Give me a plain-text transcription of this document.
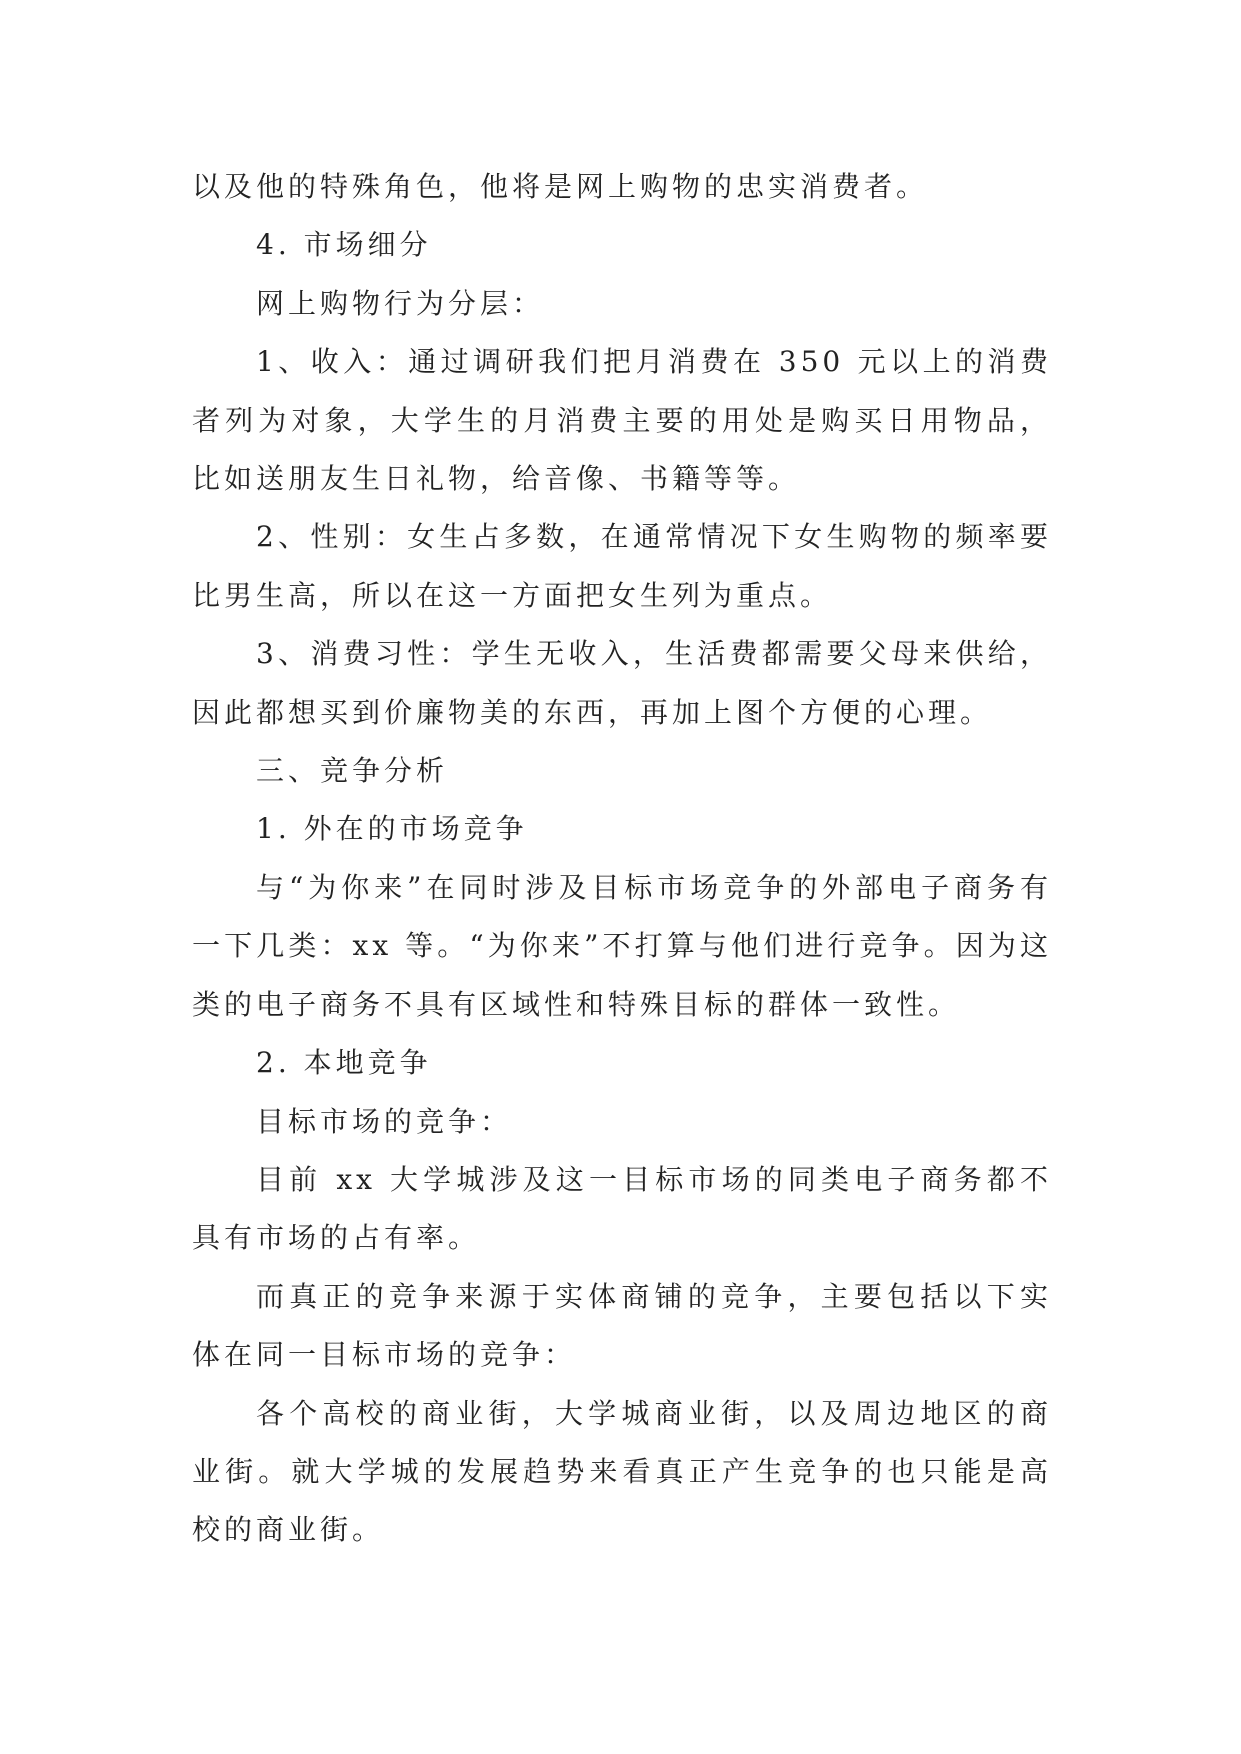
以及他的特殊角色，他将是网上购物的忠实消费者。

4. 市场细分

网上购物行为分层：

1、收入：通过调研我们把月消费在 350 元以上的消费者列为对象，大学生的月消费主要的用处是购买日用物品，比如送朋友生日礼物，给音像、书籍等等。

2、性别：女生占多数，在通常情况下女生购物的频率要比男生高，所以在这一方面把女生列为重点。

3、消费习性：学生无收入，生活费都需要父母来供给，因此都想买到价廉物美的东西，再加上图个方便的心理。

三、竞争分析

1. 外在的市场竞争

与“为你来”在同时涉及目标市场竞争的外部电子商务有一下几类：xx 等。“为你来”不打算与他们进行竞争。因为这类的电子商务不具有区域性和特殊目标的群体一致性。

2. 本地竞争

目标市场的竞争：

目前 xx 大学城涉及这一目标市场的同类电子商务都不具有市场的占有率。

而真正的竞争来源于实体商铺的竞争，主要包括以下实体在同一目标市场的竞争：

各个高校的商业街，大学城商业街，以及周边地区的商业街。就大学城的发展趋势来看真正产生竞争的也只能是高校的商业街。
